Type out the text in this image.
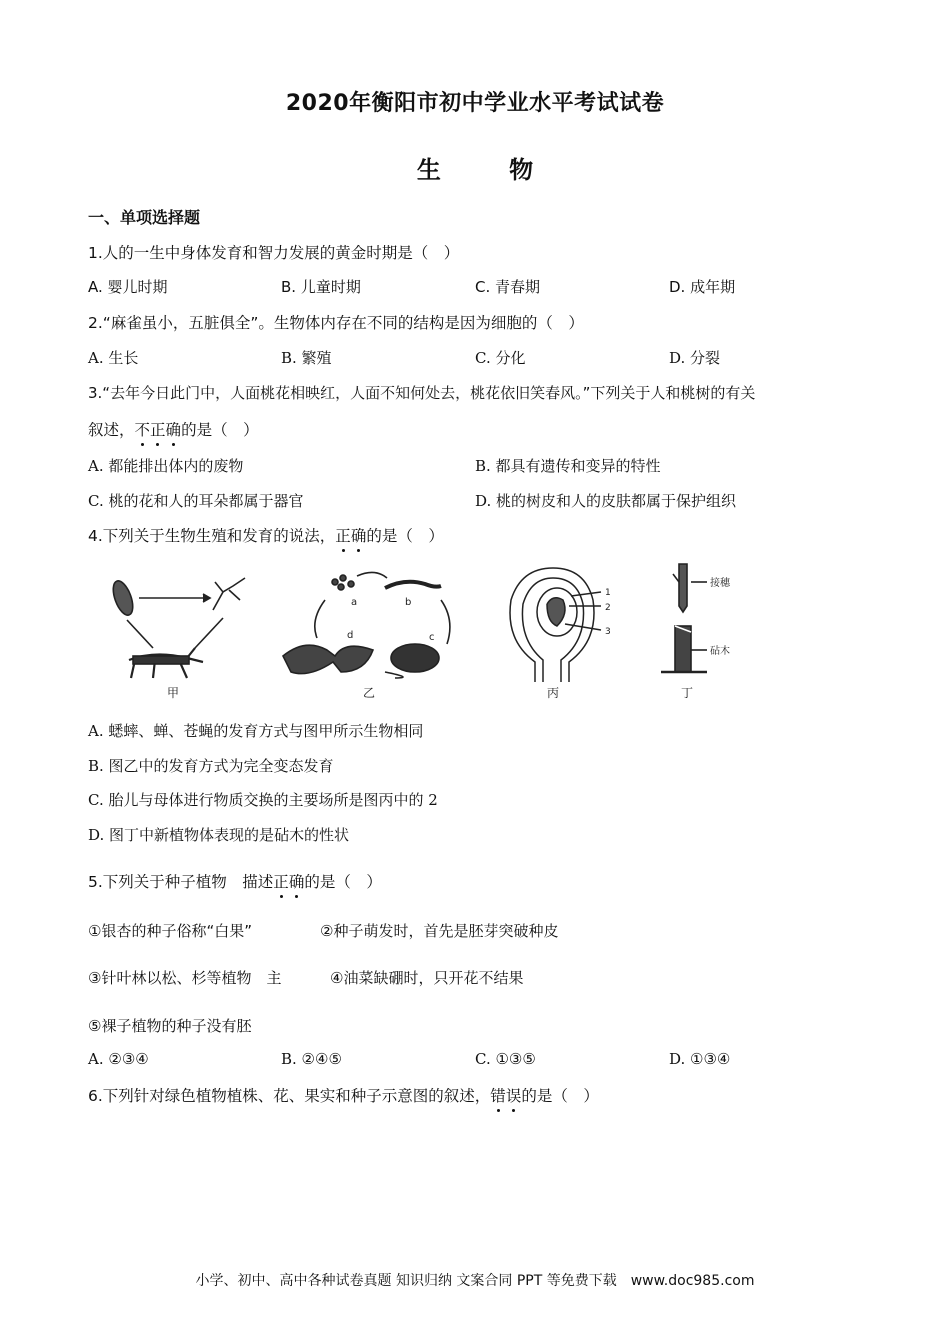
2020年衡阳市初中学业水平考试试卷
生 物
一、单项选择题
1.人的一生中身体发育和智力发展的黄金时期是（　）
A. 婴儿时期	B. 儿童时期	C. 青春期	D. 成年期
2.“麻雀虽小，五脏俱全”。生物体内存在不同的结构是因为细胞的（　）
A. 生长	B. 繁殖	C. 分化	D. 分裂
3.“去年今日此门中，人面桃花相映红，人面不知何处去，桃花依旧笑春风。”下列关于人和桃树的有关
叙述，不正确的是（　）
A. 都能排出体内的废物	B. 都具有遗传和变异的特性
C. 桃的花和人的耳朵都属于器官	D. 桃的树皮和人的皮肤都属于保护组织
4.下列关于生物生殖和发育的说法，正确的是（　）
甲
a	b
d	c
乙
1
2
3
丙
接穗
砧木
丁
A. 蟋蟀、蝉、苍蝇的发育方式与图甲所示生物相同
B. 图乙中的发育方式为完全变态发育
C. 胎儿与母体进行物质交换的主要场所是图丙中的 2
D. 图丁中新植物体表现的是砧木的性状
5.下列关于种子植物　描述正确的是（　）
①银杏的种子俗称“白果”	②种子萌发时，首先是胚芽突破种皮
③针叶林以松、杉等植物　主	④油菜缺硼时，只开花不结果
⑤裸子植物的种子没有胚
A. ②③④	B. ②④⑤	C. ①③⑤	D. ①③④
6.下列针对绿色植物植株、花、果实和种子示意图的叙述，错误的是（　）
小学、初中、高中各种试卷真题 知识归纳 文案合同 PPT 等免费下载　www.doc985.com
